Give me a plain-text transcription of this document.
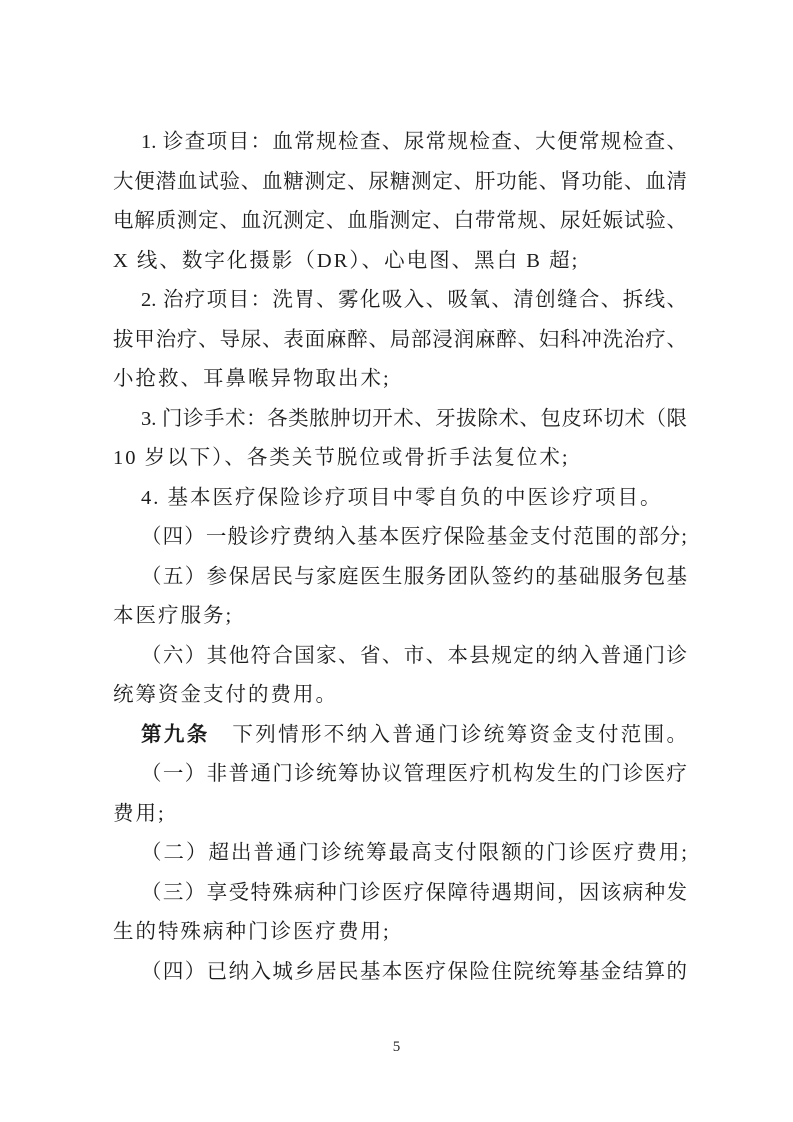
1. 诊查项目：血常规检查、尿常规检查、大便常规检查、
大便潜血试验、血糖测定、尿糖测定、肝功能、肾功能、血清
电解质测定、血沉测定、血脂测定、白带常规、尿妊娠试验、
X 线、数字化摄影（DR）、心电图、黑白 B 超;
2. 治疗项目：洗胃、雾化吸入、吸氧、清创缝合、拆线、
拔甲治疗、导尿、表面麻醉、局部浸润麻醉、妇科冲洗治疗、
小抢救、耳鼻喉异物取出术;
3. 门诊手术：各类脓肿切开术、牙拔除术、包皮环切术（限
10 岁以下）、各类关节脱位或骨折手法复位术;
4. 基本医疗保险诊疗项目中零自负的中医诊疗项目。
（四）一般诊疗费纳入基本医疗保险基金支付范围的部分;
（五）参保居民与家庭医生服务团队签约的基础服务包基
本医疗服务;
（六）其他符合国家、省、市、本县规定的纳入普通门诊
统筹资金支付的费用。
第九条　下列情形不纳入普通门诊统筹资金支付范围。
（一）非普通门诊统筹协议管理医疗机构发生的门诊医疗
费用;
（二）超出普通门诊统筹最高支付限额的门诊医疗费用;
（三）享受特殊病种门诊医疗保障待遇期间，因该病种发
生的特殊病种门诊医疗费用;
（四）已纳入城乡居民基本医疗保险住院统筹基金结算的
5
